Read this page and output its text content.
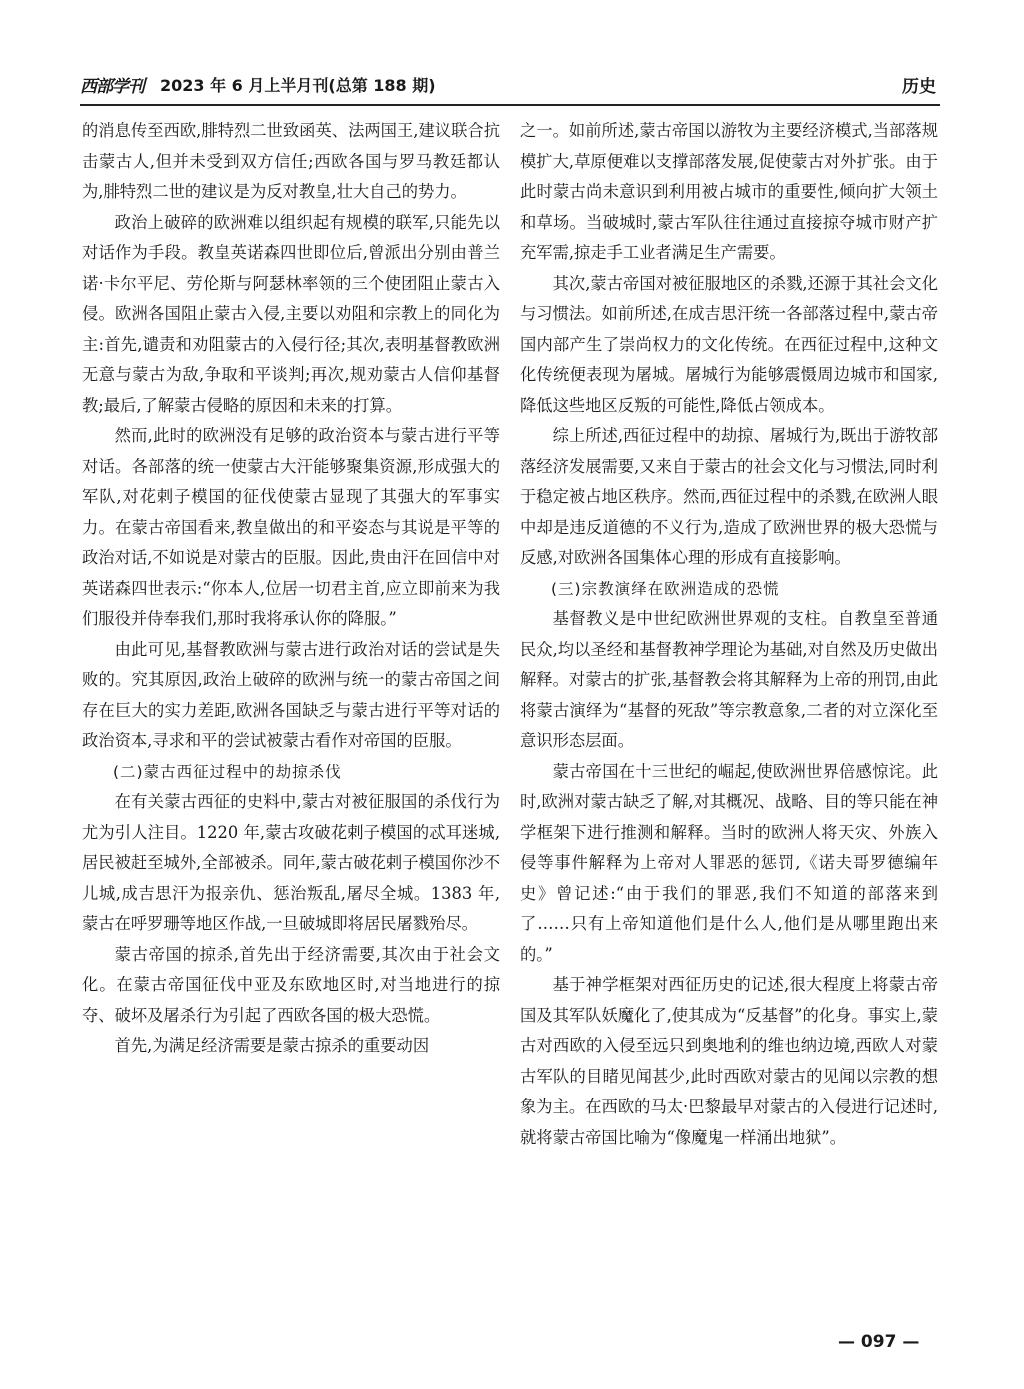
西部学刊 2023 年 6 月上半月刊(总第 188 期)	历史

的消息传至西欧,腓特烈二世致函英、法两国王,建议联合抗击蒙古人,但并未受到双方信任;西欧各国与罗马教廷都认为,腓特烈二世的建议是为反对教皇,壮大自己的势力。

政治上破碎的欧洲难以组织起有规模的联军,只能先以对话作为手段。教皇英诺森四世即位后,曾派出分别由普兰诺·卡尔平尼、劳伦斯与阿瑟林率领的三个使团阻止蒙古入侵。欧洲各国阻止蒙古入侵,主要以劝阻和宗教上的同化为主:首先,谴责和劝阻蒙古的入侵行径;其次,表明基督教欧洲无意与蒙古为敌,争取和平谈判;再次,规劝蒙古人信仰基督教;最后,了解蒙古侵略的原因和未来的打算。

然而,此时的欧洲没有足够的政治资本与蒙古进行平等对话。各部落的统一使蒙古大汗能够聚集资源,形成强大的军队,对花剌子模国的征伐使蒙古显现了其强大的军事实力。在蒙古帝国看来,教皇做出的和平姿态与其说是平等的政治对话,不如说是对蒙古的臣服。因此,贵由汗在回信中对英诺森四世表示:“你本人,位居一切君主首,应立即前来为我们服役并侍奉我们,那时我将承认你的降服。”

由此可见,基督教欧洲与蒙古进行政治对话的尝试是失败的。究其原因,政治上破碎的欧洲与统一的蒙古帝国之间存在巨大的实力差距,欧洲各国缺乏与蒙古进行平等对话的政治资本,寻求和平的尝试被蒙古看作对帝国的臣服。

(二)蒙古西征过程中的劫掠杀伐

在有关蒙古西征的史料中,蒙古对被征服国的杀伐行为尤为引人注目。1220 年,蒙古攻破花剌子模国的忒耳迷城,居民被赶至城外,全部被杀。同年,蒙古破花剌子模国你沙不儿城,成吉思汗为报亲仇、惩治叛乱,屠尽全城。1383 年,蒙古在呼罗珊等地区作战,一旦破城即将居民屠戮殆尽。

蒙古帝国的掠杀,首先出于经济需要,其次由于社会文化。在蒙古帝国征伐中亚及东欧地区时,对当地进行的掠夺、破坏及屠杀行为引起了西欧各国的极大恐慌。

首先,为满足经济需要是蒙古掠杀的重要动因

之一。如前所述,蒙古帝国以游牧为主要经济模式,当部落规模扩大,草原便难以支撑部落发展,促使蒙古对外扩张。由于此时蒙古尚未意识到利用被占城市的重要性,倾向扩大领土和草场。当破城时,蒙古军队往往通过直接掠夺城市财产扩充军需,掠走手工业者满足生产需要。

其次,蒙古帝国对被征服地区的杀戮,还源于其社会文化与习惯法。如前所述,在成吉思汗统一各部落过程中,蒙古帝国内部产生了崇尚权力的文化传统。在西征过程中,这种文化传统便表现为屠城。屠城行为能够震慑周边城市和国家,降低这些地区反叛的可能性,降低占领成本。

综上所述,西征过程中的劫掠、屠城行为,既出于游牧部落经济发展需要,又来自于蒙古的社会文化与习惯法,同时利于稳定被占地区秩序。然而,西征过程中的杀戮,在欧洲人眼中却是违反道德的不义行为,造成了欧洲世界的极大恐慌与反感,对欧洲各国集体心理的形成有直接影响。

(三)宗教演绎在欧洲造成的恐慌

基督教义是中世纪欧洲世界观的支柱。自教皇至普通民众,均以圣经和基督教神学理论为基础,对自然及历史做出解释。对蒙古的扩张,基督教会将其解释为上帝的刑罚,由此将蒙古演绎为“基督的死敌”等宗教意象,二者的对立深化至意识形态层面。

蒙古帝国在十三世纪的崛起,使欧洲世界倍感惊诧。此时,欧洲对蒙古缺乏了解,对其概况、战略、目的等只能在神学框架下进行推测和解释。当时的欧洲人将天灾、外族入侵等事件解释为上帝对人罪恶的惩罚,《诺夫哥罗德编年史》曾记述:“由于我们的罪恶,我们不知道的部落来到了……只有上帝知道他们是什么人,他们是从哪里跑出来的。”

基于神学框架对西征历史的记述,很大程度上将蒙古帝国及其军队妖魔化了,使其成为“反基督”的化身。事实上,蒙古对西欧的入侵至远只到奥地利的维也纳边境,西欧人对蒙古军队的目睹见闻甚少,此时西欧对蒙古的见闻以宗教的想象为主。在西欧的马太·巴黎最早对蒙古的入侵进行记述时,就将蒙古帝国比喻为“像魔鬼一样涌出地狱”。

— 097 —
